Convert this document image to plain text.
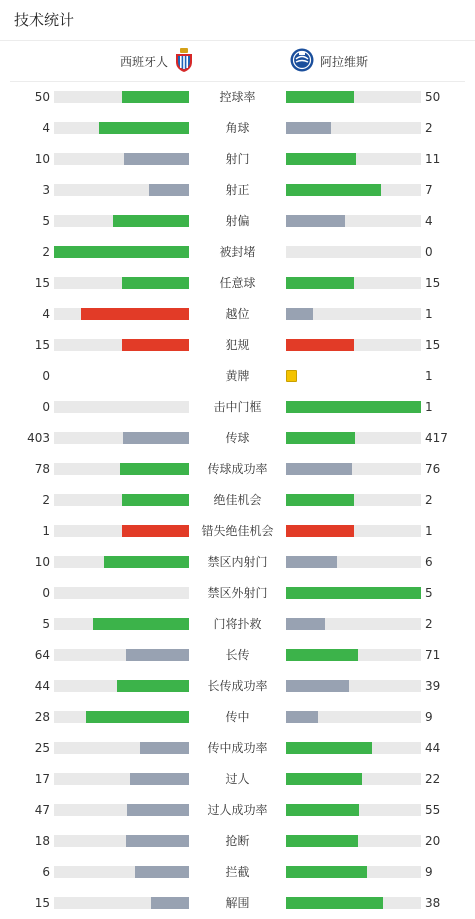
技术统计
西班牙人	阿拉维斯
50	控球率	50
4	角球	2
10	射门	11
3	射正	7
5	射偏	4
2	被封堵	0
15	任意球	15
4	越位	1
15	犯规	15
0	黄牌	1
0	击中门框	1
403	传球	417
78	传球成功率	76
2	绝佳机会	2
1	错失绝佳机会	1
10	禁区内射门	6
0	禁区外射门	5
5	门将扑救	2
64	长传	71
44	长传成功率	39
28	传中	9
25	传中成功率	44
17	过人	22
47	过人成功率	55
18	抢断	20
6	拦截	9
15	解围	38
